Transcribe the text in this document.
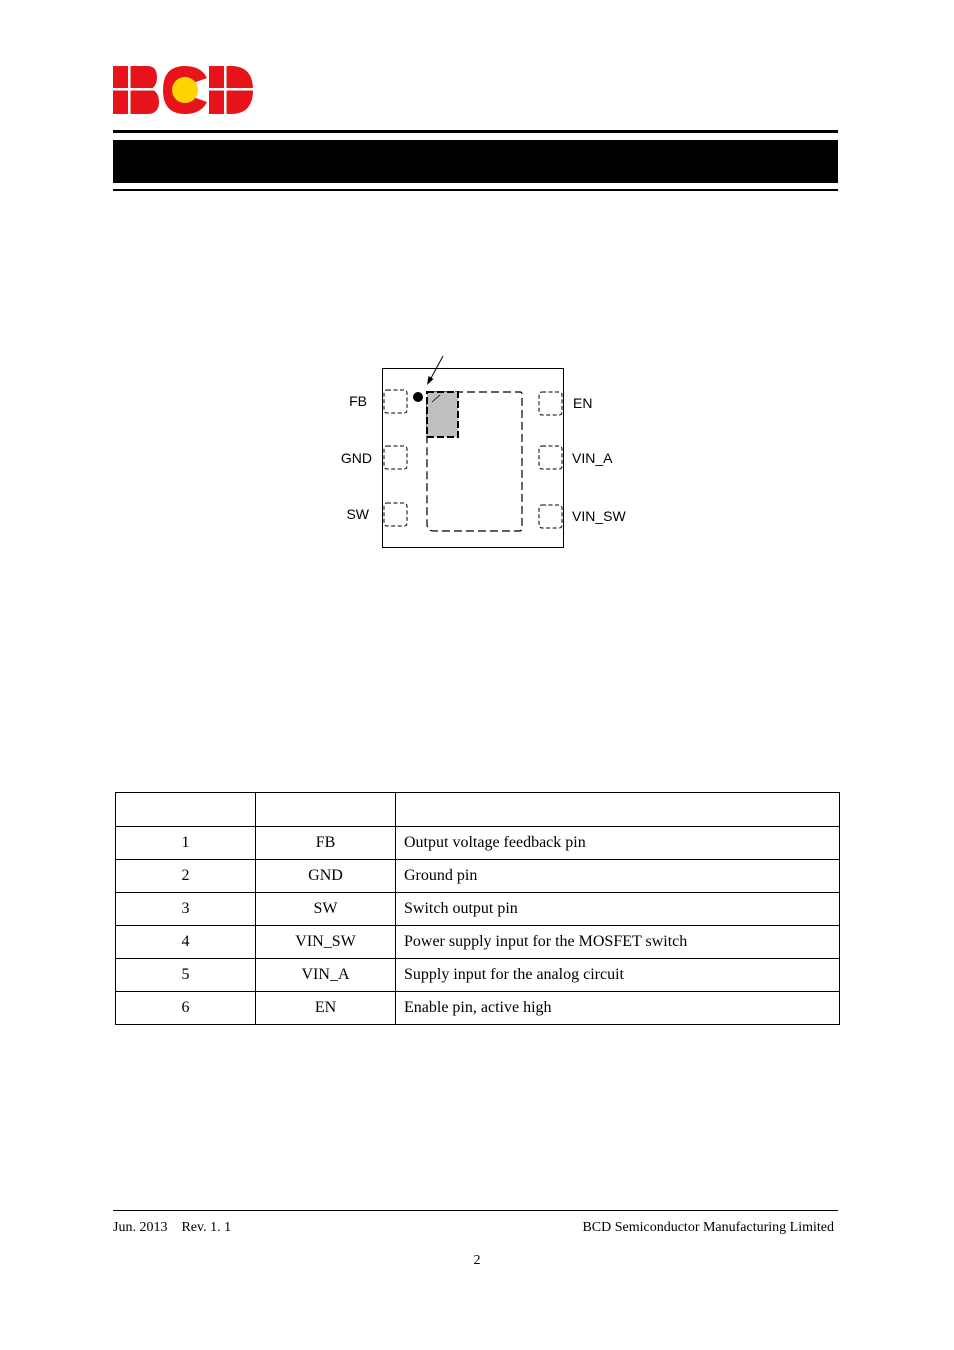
FB
GND
SW
EN
VIN_A
VIN_SW

1	FB	Output voltage feedback pin
2	GND	Ground pin
3	SW	Switch output pin
4	VIN_SW	Power supply input for the MOSFET switch
5	VIN_A	Supply input for the analog circuit
6	EN	Enable pin, active high
Jun. 2013 Rev. 1. 1	BCD Semiconductor Manufacturing Limited
2
